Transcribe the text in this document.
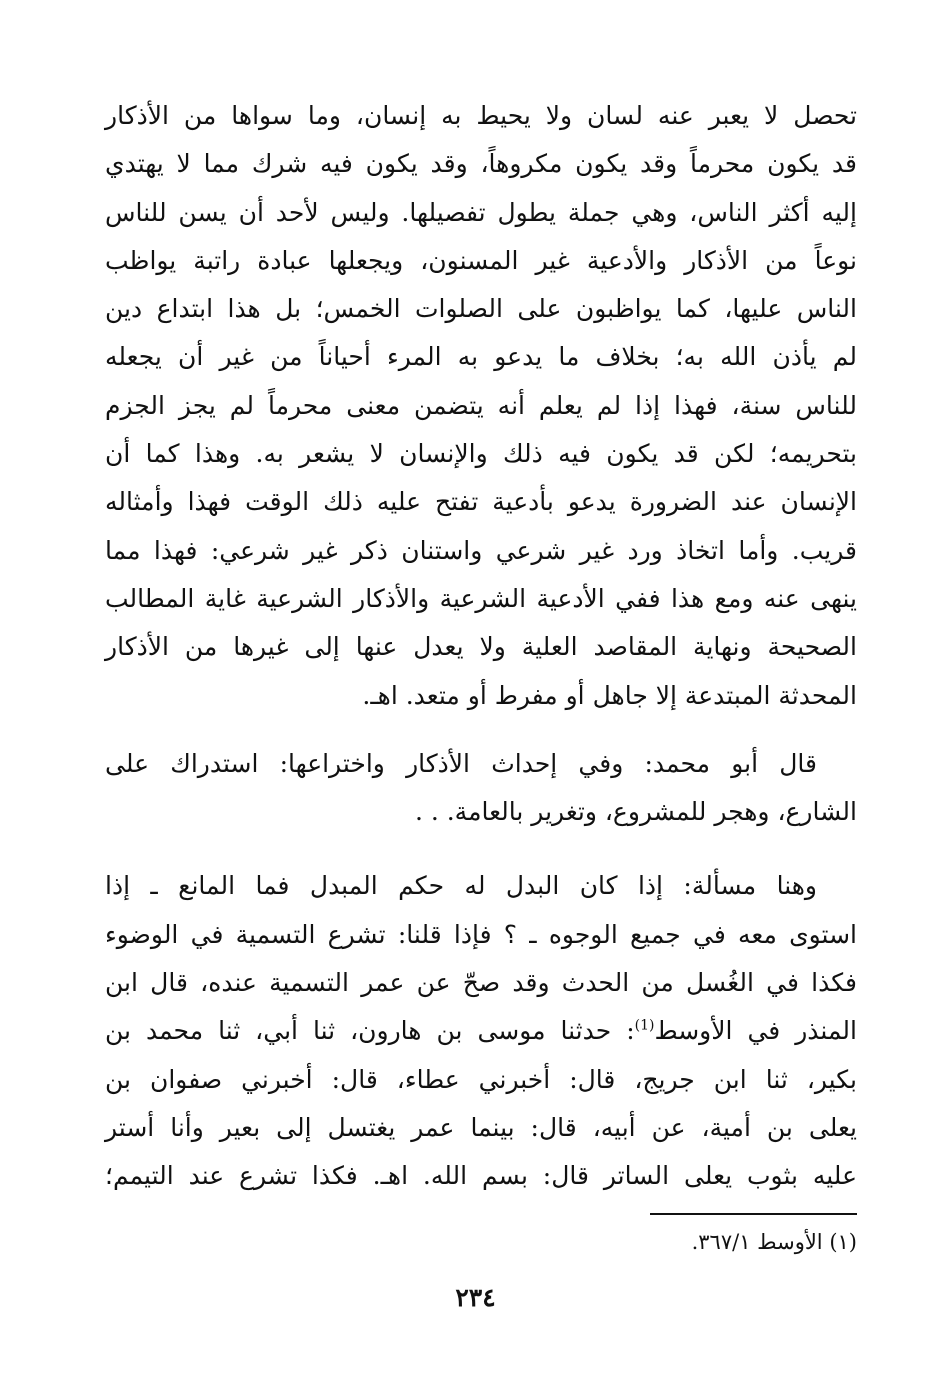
تحصل لا يعبر عنه لسان ولا يحيط به إنسان، وما سواها من الأذكار
قد يكون محرماً وقد يكون مكروهاً، وقد يكون فيه شرك مما لا يهتدي
إليه أكثر الناس، وهي جملة يطول تفصيلها. وليس لأحد أن يسن للناس
نوعاً من الأذكار والأدعية غير المسنون، ويجعلها عبادة راتبة يواظب
الناس عليها، كما يواظبون على الصلوات الخمس؛ بل هذا ابتداع دين
لم يأذن الله به؛ بخلاف ما يدعو به المرء أحياناً من غير أن يجعله
للناس سنة، فهذا إذا لم يعلم أنه يتضمن معنى محرماً لم يجز الجزم
بتحريمه؛ لكن قد يكون فيه ذلك والإنسان لا يشعر به. وهذا كما أن
الإنسان عند الضرورة يدعو بأدعية تفتح عليه ذلك الوقت فهذا وأمثاله
قريب. وأما اتخاذ ورد غير شرعي واستنان ذكر غير شرعي: فهذا مما
ينهى عنه ومع هذا ففي الأدعية الشرعية والأذكار الشرعية غاية المطالب
الصحيحة ونهاية المقاصد العلية ولا يعدل عنها إلى غيرها من الأذكار
المحدثة المبتدعة إلا جاهل أو مفرط أو متعد. اهـ.
قال أبو محمد: وفي إحداث الأذكار واختراعها: استدراك على
الشارع، وهجر للمشروع، وتغرير بالعامة. . .
وهنا مسألة: إذا كان البدل له حكم المبدل فما المانع ـ إذا
استوى معه في جميع الوجوه ـ ؟ فإذا قلنا: تشرع التسمية في الوضوء
فكذا في الغُسل من الحدث وقد صحّ عن عمر التسمية عنده، قال ابن
المنذر في الأوسط$^{(1)}$: حدثنا موسى بن هارون، ثنا أبي، ثنا محمد بن
بكير، ثنا ابن جريج، قال: أخبرني عطاء، قال: أخبرني صفوان بن
يعلى بن أمية، عن أبيه، قال: بينما عمر يغتسل إلى بعير وأنا أستر
عليه بثوب يعلى الساتر قال: بسم الله. اهـ. فكذا تشرع عند التيمم؛
(١) الأوسط ٣٦٧/١.
٢٣٤
